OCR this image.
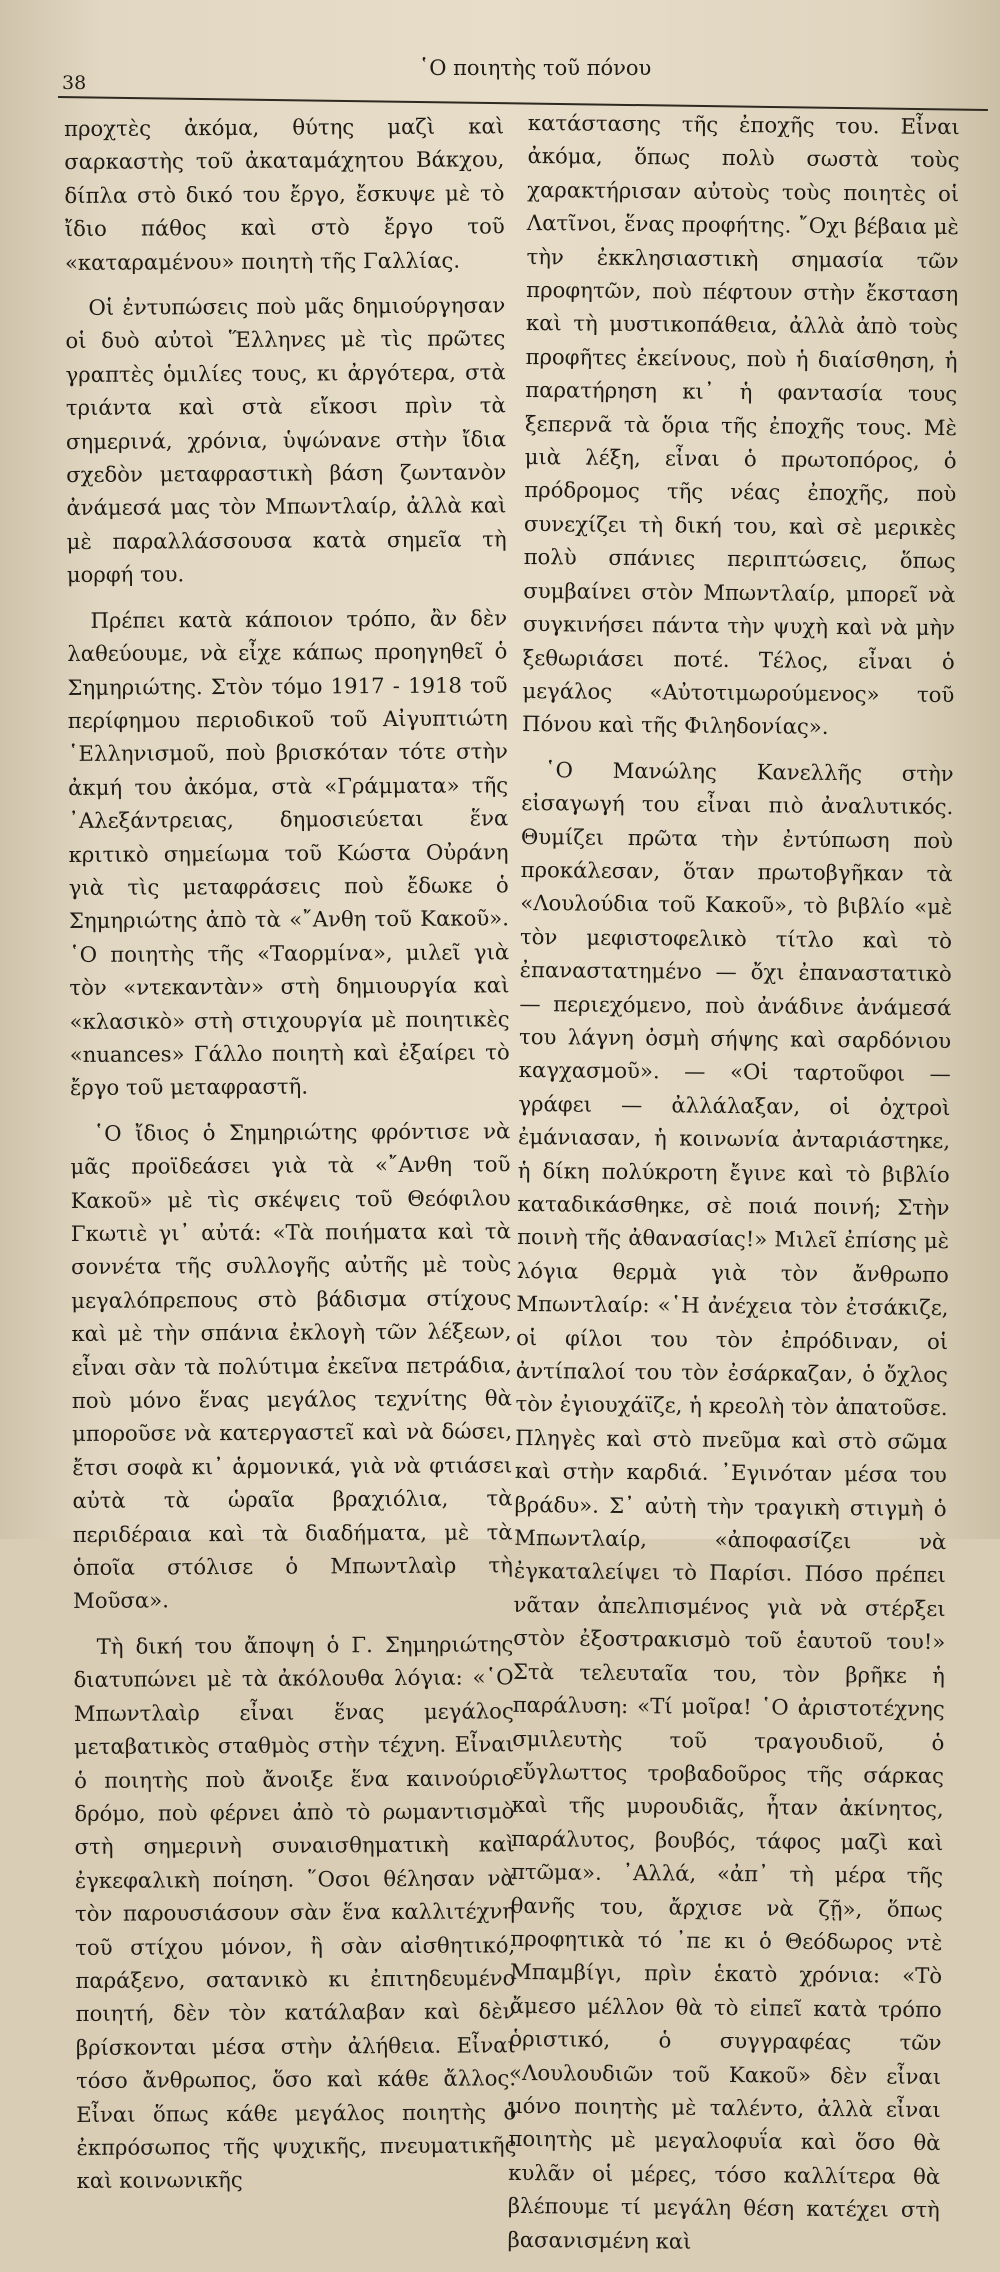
38
῾Ο ποιητὴς τοῦ πόνου

προχτὲς ἀκόμα, θύτης μαζὶ καὶ σαρκαστὴς τοῦ ἀκαταμάχητου Βάκχου, δίπλα στὸ δικό του ἔργο, ἔσκυψε μὲ τὸ ἴδιο πάθος καὶ στὸ ἔργο τοῦ «καταραμένου» ποιητὴ τῆς Γαλλίας.

Οἱ ἐντυπώσεις ποὺ μᾶς δημιούργησαν οἱ δυὸ αὐτοὶ Ἕλληνες μὲ τὶς πρῶτες γραπτὲς ὁμιλίες τους, κι ἀργότερα, στὰ τριάντα καὶ στὰ εἴκοσι πρὶν τὰ σημερινά, χρόνια, ὑψώνανε στὴν ἴδια σχεδὸν μεταφραστικὴ βάση ζωντανὸν ἀνάμεσά μας τὸν Μπωντλαίρ, ἀλλὰ καὶ μὲ παραλλάσσουσα κατὰ σημεῖα τὴ μορφή του.

Πρέπει κατὰ κάποιον τρόπο, ἂν δὲν λαθεύουμε, νὰ εἶχε κάπως προηγηθεῖ ὁ Σημηριώτης. Στὸν τόμο 1917 - 1918 τοῦ περίφημου περιοδικοῦ τοῦ Αἰγυπτιώτη ῾Ελληνισμοῦ, ποὺ βρισκόταν τότε στὴν ἀκμή του ἀκόμα, στὰ «Γράμματα» τῆς ᾿Αλεξάντρειας, δημοσιεύεται ἕνα κριτικὸ σημείωμα τοῦ Κώστα Οὐράνη γιὰ τὶς μεταφράσεις ποὺ ἔδωκε ὁ Σημηριώτης ἀπὸ τὰ «῎Ανθη τοῦ Κακοῦ». ῾Ο ποιητὴς τῆς «Ταορμίνα», μιλεῖ γιὰ τὸν «ντεκαντὰν» στὴ δημιουργία καὶ «κλασικὸ» στὴ στιχουργία μὲ ποιητικὲς «nuances» Γάλλο ποιητὴ καὶ ἐξαίρει τὸ ἔργο τοῦ μεταφραστῆ.

῾Ο ἴδιος ὁ Σημηριώτης φρόντισε νὰ μᾶς προϊδεάσει γιὰ τὰ «῎Ανθη τοῦ Κακοῦ» μὲ τὶς σκέψεις τοῦ Θεόφιλου Γκωτιὲ γι᾿ αὐτά: «Τὰ ποιήματα καὶ τὰ σοννέτα τῆς συλλογῆς αὐτῆς μὲ τοὺς μεγαλόπρεπους στὸ βάδισμα στίχους καὶ μὲ τὴν σπάνια ἐκλογὴ τῶν λέξεων, εἶναι σὰν τὰ πολύτιμα ἐκεῖνα πετράδια, ποὺ μόνο ἕνας μεγάλος τεχνίτης θὰ μποροῦσε νὰ κατεργαστεῖ καὶ νὰ δώσει, ἔτσι σοφὰ κι᾿ ἁρμονικά, γιὰ νὰ φτιάσει αὐτὰ τὰ ὡραῖα βραχιόλια, τὰ περιδέραια καὶ τὰ διαδήματα, μὲ τὰ ὁποῖα στόλισε ὁ Μπωντλαὶρ τὴ Μοῦσα».

Τὴ δική του ἄποψη ὁ Γ. Σημηριώτης διατυπώνει μὲ τὰ ἀκόλουθα λόγια: «῾Ο Μπωντλαὶρ εἶναι ἕνας μεγάλος μεταβατικὸς σταθμὸς στὴν τέχνη. Εἶναι ὁ ποιητὴς ποὺ ἄνοιξε ἕνα καινούριο δρόμο, ποὺ φέρνει ἀπὸ τὸ ρωμαντισμὸ στὴ σημερινὴ συναισθηματικὴ καὶ ἐγκεφαλικὴ ποίηση. ῞Οσοι θέλησαν νὰ τὸν παρουσιάσουν σὰν ἕνα καλλιτέχνη τοῦ στίχου μόνον, ἢ σὰν αἰσθητικό, παράξενο, σατανικὸ κι ἐπιτηδευμένο ποιητή, δὲν τὸν κατάλαβαν καὶ δὲν βρίσκονται μέσα στὴν ἀλήθεια. Εἶναι τόσο ἄνθρωπος, ὅσο καὶ κάθε ἄλλος. Εἶναι ὅπως κάθε μεγάλος ποιητὴς ὁ ἐκπρόσωπος τῆς ψυχικῆς, πνευματικῆς καὶ κοινωνικῆς

κατάστασης τῆς ἐποχῆς του. Εἶναι ἀκόμα, ὅπως πολὺ σωστὰ τοὺς χαρακτήρισαν αὐτοὺς τοὺς ποιητὲς οἱ Λατῖνοι, ἕνας προφήτης. ῎Οχι βέβαια μὲ τὴν ἐκκλησιαστικὴ σημασία τῶν προφητῶν, ποὺ πέφτουν στὴν ἔκσταση καὶ τὴ μυστικοπάθεια, ἀλλὰ ἀπὸ τοὺς προφῆτες ἐκείνους, ποὺ ἡ διαίσθηση, ἡ παρατήρηση κι᾿ ἡ φαντασία τους ξεπερνᾶ τὰ ὅρια τῆς ἐποχῆς τους. Μὲ μιὰ λέξη, εἶναι ὁ πρωτοπόρος, ὁ πρόδρομος τῆς νέας ἐποχῆς, ποὺ συνεχίζει τὴ δική του, καὶ σὲ μερικὲς πολὺ σπάνιες περιπτώσεις, ὅπως συμβαίνει στὸν Μπωντλαίρ, μπορεῖ νὰ συγκινήσει πάντα τὴν ψυχὴ καὶ νὰ μὴν ξεθωριάσει ποτέ. Τέλος, εἶναι ὁ μεγάλος «Αὐτοτιμωρούμενος» τοῦ Πόνου καὶ τῆς Φιληδονίας».

῾Ο Μανώλης Κανελλῆς στὴν εἰσαγωγή του εἶναι πιὸ ἀναλυτικός. Θυμίζει πρῶτα τὴν ἐντύπωση ποὺ προκάλεσαν, ὅταν πρωτοβγῆκαν τὰ «Λουλούδια τοῦ Κακοῦ», τὸ βιβλίο «μὲ τὸν μεφιστοφελικὸ τίτλο καὶ τὸ ἐπαναστατημένο — ὄχι ἐπαναστατικὸ — περιεχόμενο, ποὺ ἀνάδινε ἀνάμεσά του λάγνη ὀσμὴ σήψης καὶ σαρδόνιου καγχασμοῦ». — «Οἱ ταρτοῦφοι — γράφει — ἀλλάλαξαν, οἱ ὀχτροὶ ἐμάνιασαν, ἡ κοινωνία ἀνταριάστηκε, ἡ δίκη πολύκροτη ἔγινε καὶ τὸ βιβλίο καταδικάσθηκε, σὲ ποιά ποινή; Στὴν ποινὴ τῆς ἀθανασίας!» Μιλεῖ ἐπίσης μὲ λόγια θερμὰ γιὰ τὸν ἄνθρωπο Μπωντλαίρ: «῾Η ἀνέχεια τὸν ἐτσάκιζε, οἱ φίλοι του τὸν ἐπρόδιναν, οἱ ἀντίπαλοί του τὸν ἐσάρκαζαν, ὁ ὄχλος τὸν ἐγιουχάϊζε, ἡ κρεολὴ τὸν ἀπατοῦσε. Πληγὲς καὶ στὸ πνεῦμα καὶ στὸ σῶμα καὶ στὴν καρδιά. ᾿Εγινόταν μέσα του βράδυ». Σ᾿ αὐτὴ τὴν τραγικὴ στιγμὴ ὁ Μπωντλαίρ, «ἀποφασίζει νὰ ἐγκαταλείψει τὸ Παρίσι. Πόσο πρέπει νᾶταν ἀπελπισμένος γιὰ νὰ στέρξει στὸν ἐξοστρακισμὸ τοῦ ἑαυτοῦ του!» Στὰ τελευταῖα του, τὸν βρῆκε ἡ παράλυση: «Τί μοῖρα! ῾Ο ἀριστοτέχνης σμιλευτὴς τοῦ τραγουδιοῦ, ὁ εὔγλωττος τροβαδοῦρος τῆς σάρκας καὶ τῆς μυρουδιᾶς, ἦταν ἀκίνητος, παράλυτος, βουβός, τάφος μαζὶ καὶ πτῶμα». ᾿Αλλά, «ἀπ᾿ τὴ μέρα τῆς θανῆς του, ἄρχισε νὰ ζῇ», ὅπως προφητικὰ τό ᾿πε κι ὁ Θεόδωρος ντὲ Μπαμβίγι, πρὶν ἑκατὸ χρόνια: «Τὸ ἄμεσο μέλλον θὰ τὸ εἰπεῖ κατὰ τρόπο ὁριστικό, ὁ συγγραφέας τῶν «Λουλουδιῶν τοῦ Κακοῦ» δὲν εἶναι μόνο ποιητὴς μὲ ταλέντο, ἀλλὰ εἶναι ποιητὴς μὲ μεγαλοφυΐα καὶ ὅσο θὰ κυλᾶν οἱ μέρες, τόσο καλλίτερα θὰ βλέπουμε τί μεγάλη θέση κατέχει στὴ βασανισμένη καὶ
